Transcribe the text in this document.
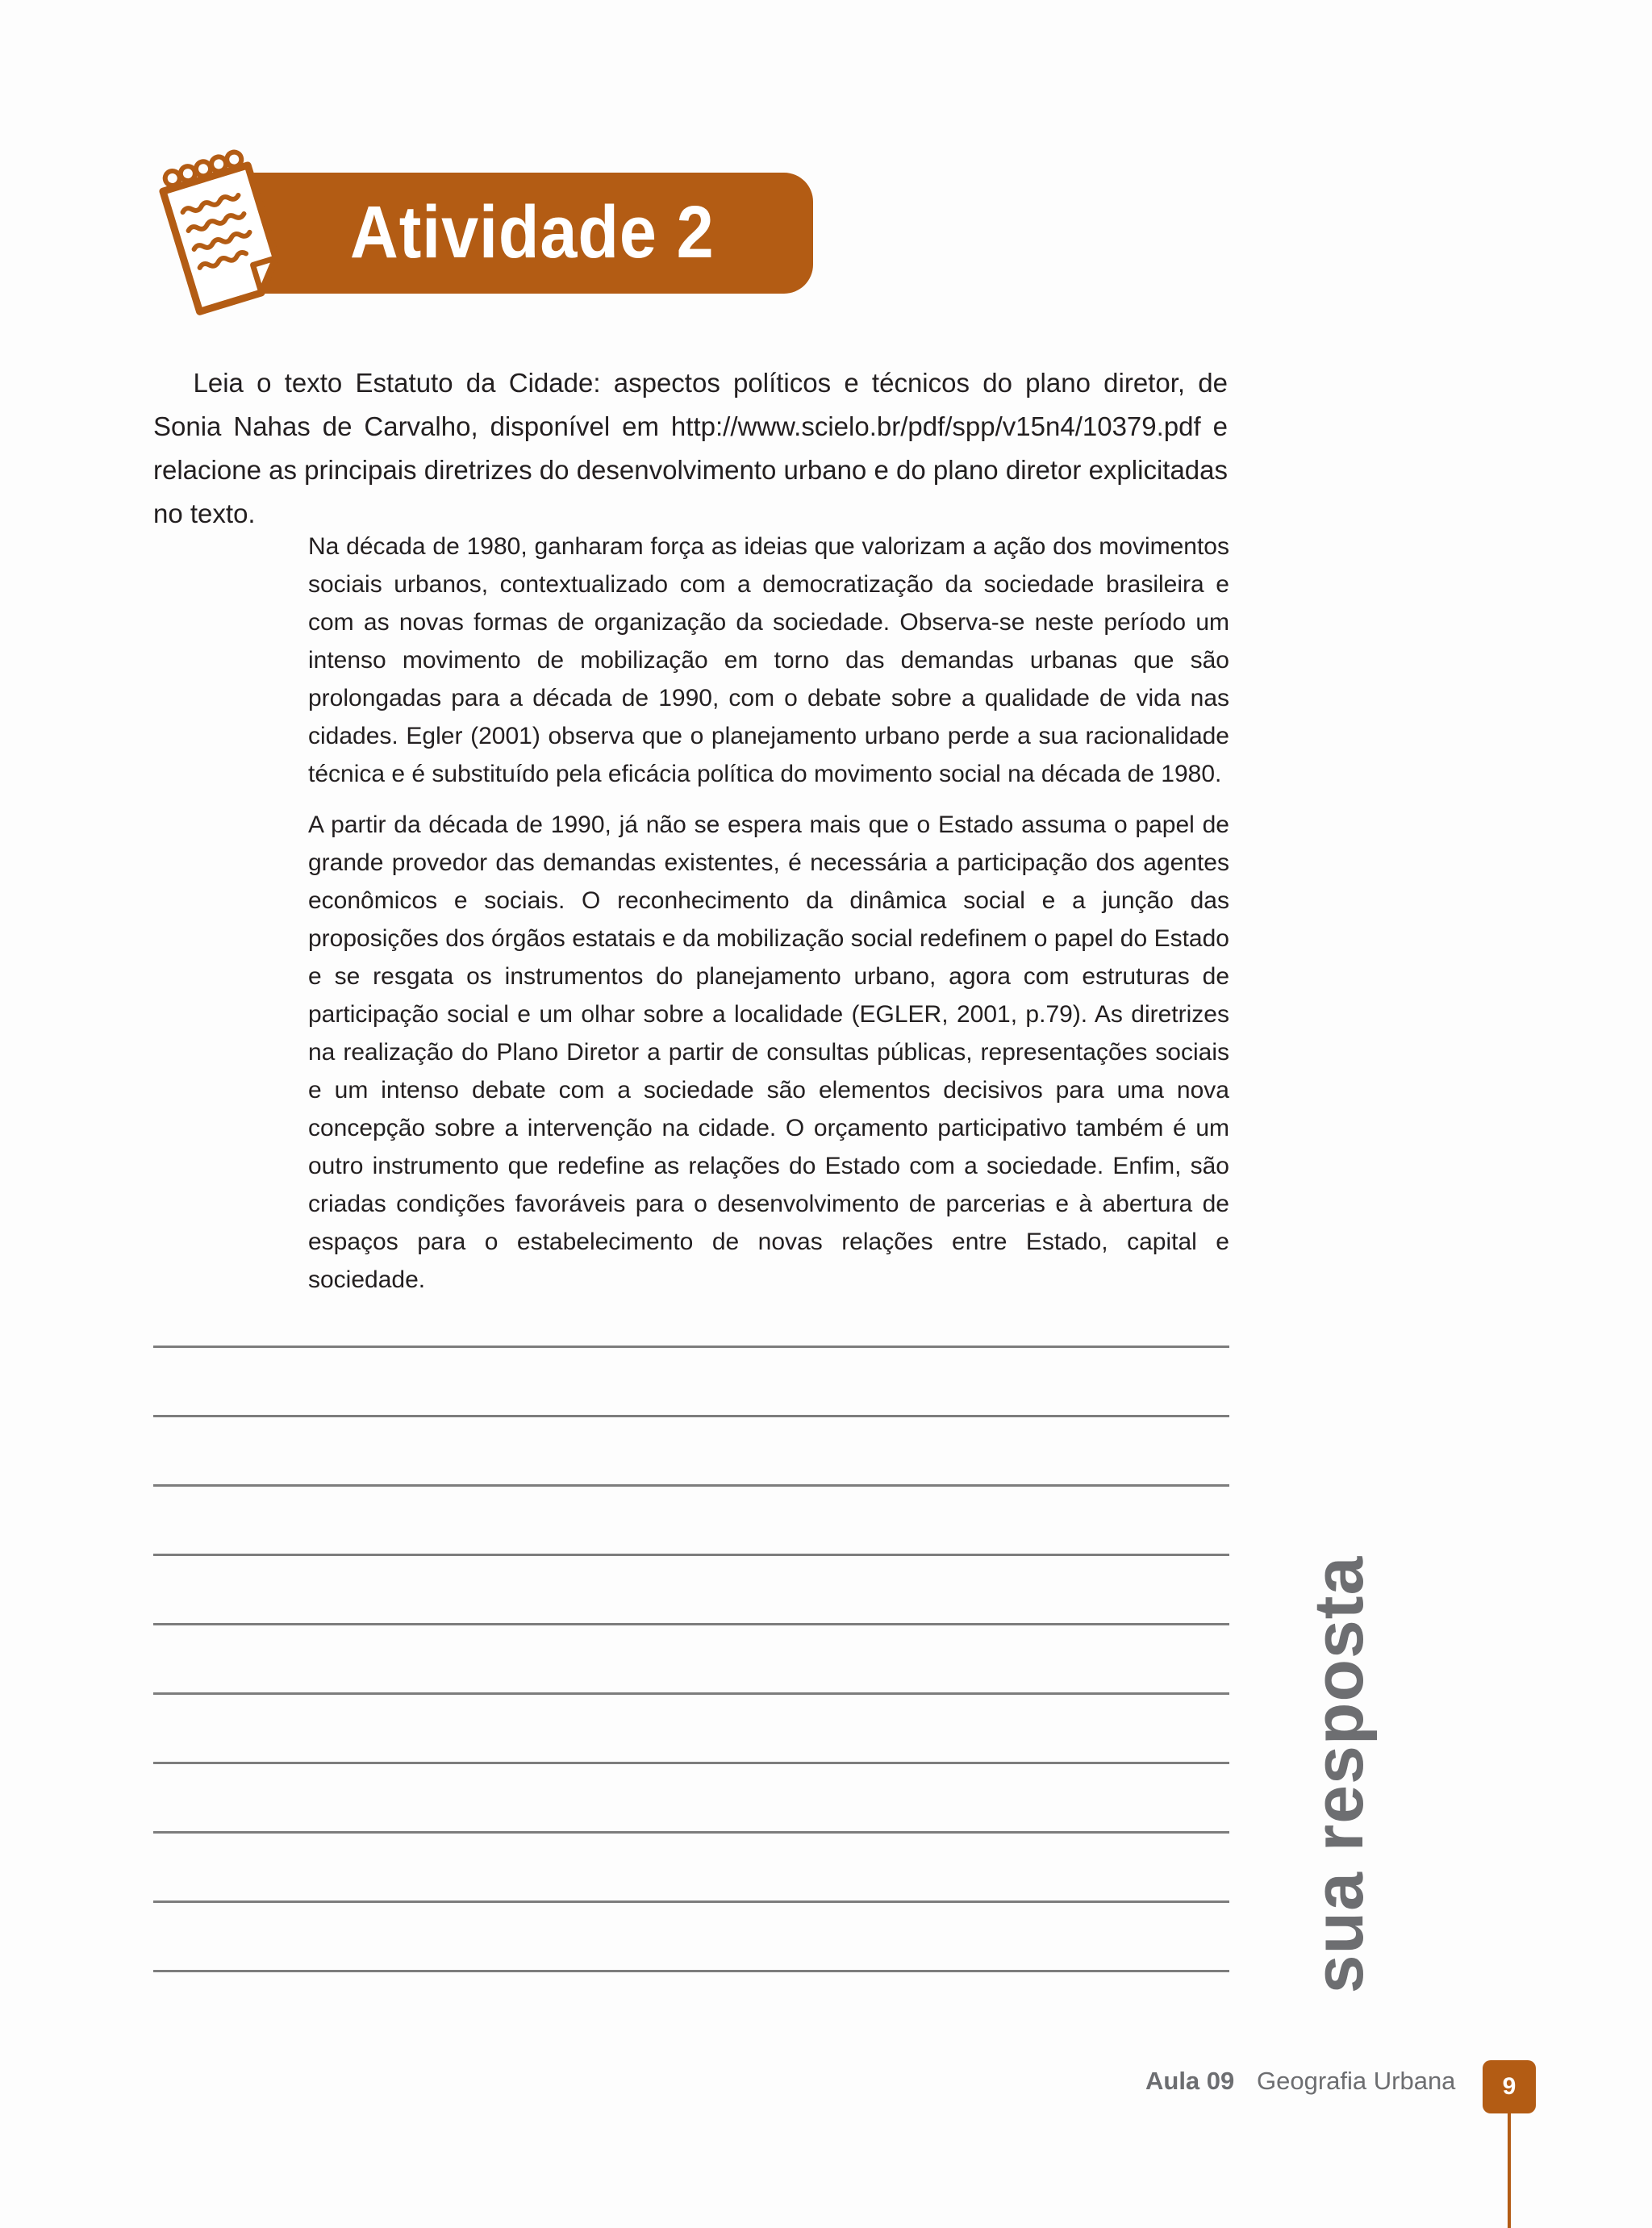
Atividade 2

  Leia o texto Estatuto da Cidade: aspectos políticos e técnicos do plano diretor, de Sonia Nahas de Carvalho, disponível em http://www.scielo.br/pdf/spp/v15n4/10379.pdf e relacione as principais diretrizes do desenvolvimento urbano e do plano diretor explicitadas no texto.

Na década de 1980, ganharam força as ideias que valorizam a ação dos movimentos sociais urbanos, contextualizado com a democratização da sociedade brasileira e com as novas formas de organização da sociedade. Observa-se neste período um intenso movimento de mobilização em torno das demandas urbanas que são prolongadas para a década de 1990, com o debate sobre a qualidade de vida nas cidades. Egler (2001) observa que o planejamento urbano perde a sua racionalidade técnica e é substituído pela eficácia política do movimento social na década de 1980.

A partir da década de 1990, já não se espera mais que o Estado assuma o papel de grande provedor das demandas existentes, é necessária a participação dos agentes econômicos e sociais. O reconhecimento da dinâmica social e a junção das proposições dos órgãos estatais e da mobilização social redefinem o papel do Estado e se resgata os instrumentos do planejamento urbano, agora com estruturas de participação social e um olhar sobre a localidade (EGLER, 2001, p.79). As diretrizes na realização do Plano Diretor a partir de consultas públicas, representações sociais e um intenso debate com a sociedade são elementos decisivos para uma nova concepção sobre a intervenção na cidade. O orçamento participativo também é um outro instrumento que redefine as relações do Estado com a sociedade. Enfim, são criadas condições favoráveis para o desenvolvimento de parcerias e à abertura de espaços para o estabelecimento de novas relações entre Estado, capital e sociedade.

sua resposta
Aula 09 Geografia Urbana	9
